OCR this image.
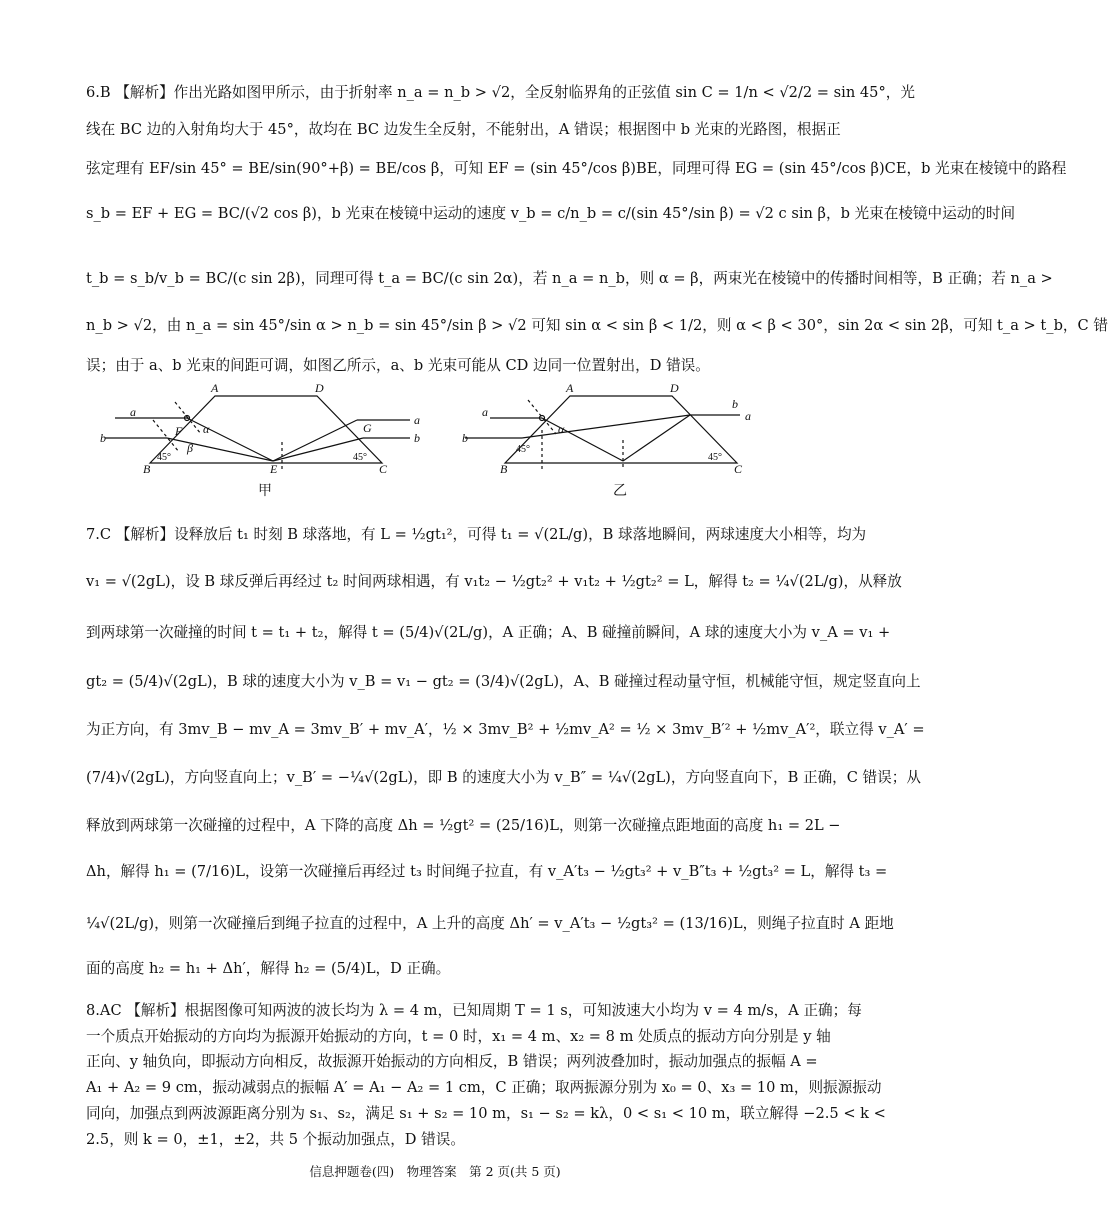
6.B 【解析】作出光路如图甲所示，由于折射率 n_a = n_b > √2，全反射临界角的正弦值 sin C = 1/n < √2/2 = sin 45°，光
线在 BC 边的入射角均大于 45°，故均在 BC 边发生全反射，不能射出，A 错误；根据图中 b 光束的光路图，根据正
弦定理有 EF/sin 45° = BE/sin(90°+β) = BE/cos β，可知 EF = (sin 45°/cos β)BE，同理可得 EG = (sin 45°/cos β)CE，b 光束在棱镜中的路程
s_b = EF + EG = BC/(√2 cos β)，b 光束在棱镜中运动的速度 v_b = c/n_b = c/(sin 45°/sin β) = √2 c sin β，b 光束在棱镜中运动的时间
t_b = s_b/v_b = BC/(c sin 2β)，同理可得 t_a = BC/(c sin 2α)，若 n_a = n_b，则 α = β，两束光在棱镜中的传播时间相等，B 正确；若 n_a >
n_b > √2，由 n_a = sin 45°/sin α > n_b = sin 45°/sin β > √2 可知 sin α < sin β < 1/2，则 α < β < 30°，sin 2α < sin 2β，可知 t_a > t_b，C 错
误；由于 a、b 光束的间距可调，如图乙所示，a、b 光束可能从 CD 边同一位置射出，D 错误。
A	D
B	C
E
F	G
a
b
a
b
α
β
45°	45°
甲
A	D
B	C
a
b
b
a
α
45°
45°
乙
7.C 【解析】设释放后 t₁ 时刻 B 球落地，有 L = ½gt₁²，可得 t₁ = √(2L/g)，B 球落地瞬间，两球速度大小相等，均为
v₁ = √(2gL)，设 B 球反弹后再经过 t₂ 时间两球相遇，有 v₁t₂ − ½gt₂² + v₁t₂ + ½gt₂² = L，解得 t₂ = ¼√(2L/g)，从释放
到两球第一次碰撞的时间 t = t₁ + t₂，解得 t = (5/4)√(2L/g)，A 正确；A、B 碰撞前瞬间，A 球的速度大小为 v_A = v₁ +
gt₂ = (5/4)√(2gL)，B 球的速度大小为 v_B = v₁ − gt₂ = (3/4)√(2gL)，A、B 碰撞过程动量守恒，机械能守恒，规定竖直向上
为正方向，有 3mv_B − mv_A = 3mv_B′ + mv_A′，½ × 3mv_B² + ½mv_A² = ½ × 3mv_B′² + ½mv_A′²，联立得 v_A′ =
(7/4)√(2gL)，方向竖直向上；v_B′ = −¼√(2gL)，即 B 的速度大小为 v_B″ = ¼√(2gL)，方向竖直向下，B 正确，C 错误；从
释放到两球第一次碰撞的过程中，A 下降的高度 Δh = ½gt² = (25/16)L，则第一次碰撞点距地面的高度 h₁ = 2L −
Δh，解得 h₁ = (7/16)L，设第一次碰撞后再经过 t₃ 时间绳子拉直，有 v_A′t₃ − ½gt₃² + v_B″t₃ + ½gt₃² = L，解得 t₃ =
¼√(2L/g)，则第一次碰撞后到绳子拉直的过程中，A 上升的高度 Δh′ = v_A′t₃ − ½gt₃² = (13/16)L，则绳子拉直时 A 距地
面的高度 h₂ = h₁ + Δh′，解得 h₂ = (5/4)L，D 正确。
8.AC 【解析】根据图像可知两波的波长均为 λ = 4 m，已知周期 T = 1 s，可知波速大小均为 v = 4 m/s，A 正确；每
一个质点开始振动的方向均为振源开始振动的方向，t = 0 时，x₁ = 4 m、x₂ = 8 m 处质点的振动方向分别是 y 轴
正向、y 轴负向，即振动方向相反，故振源开始振动的方向相反，B 错误；两列波叠加时，振动加强点的振幅 A =
A₁ + A₂ = 9 cm，振动减弱点的振幅 A′ = A₁ − A₂ = 1 cm，C 正确；取两振源分别为 x₀ = 0、x₃ = 10 m，则振源振动
同向，加强点到两波源距离分别为 s₁、s₂，满足 s₁ + s₂ = 10 m，s₁ − s₂ = kλ，0 < s₁ < 10 m，联立解得 −2.5 < k <
2.5，则 k = 0，±1，±2，共 5 个振动加强点，D 错误。
信息押题卷(四)　物理答案　第 2 页(共 5 页)
